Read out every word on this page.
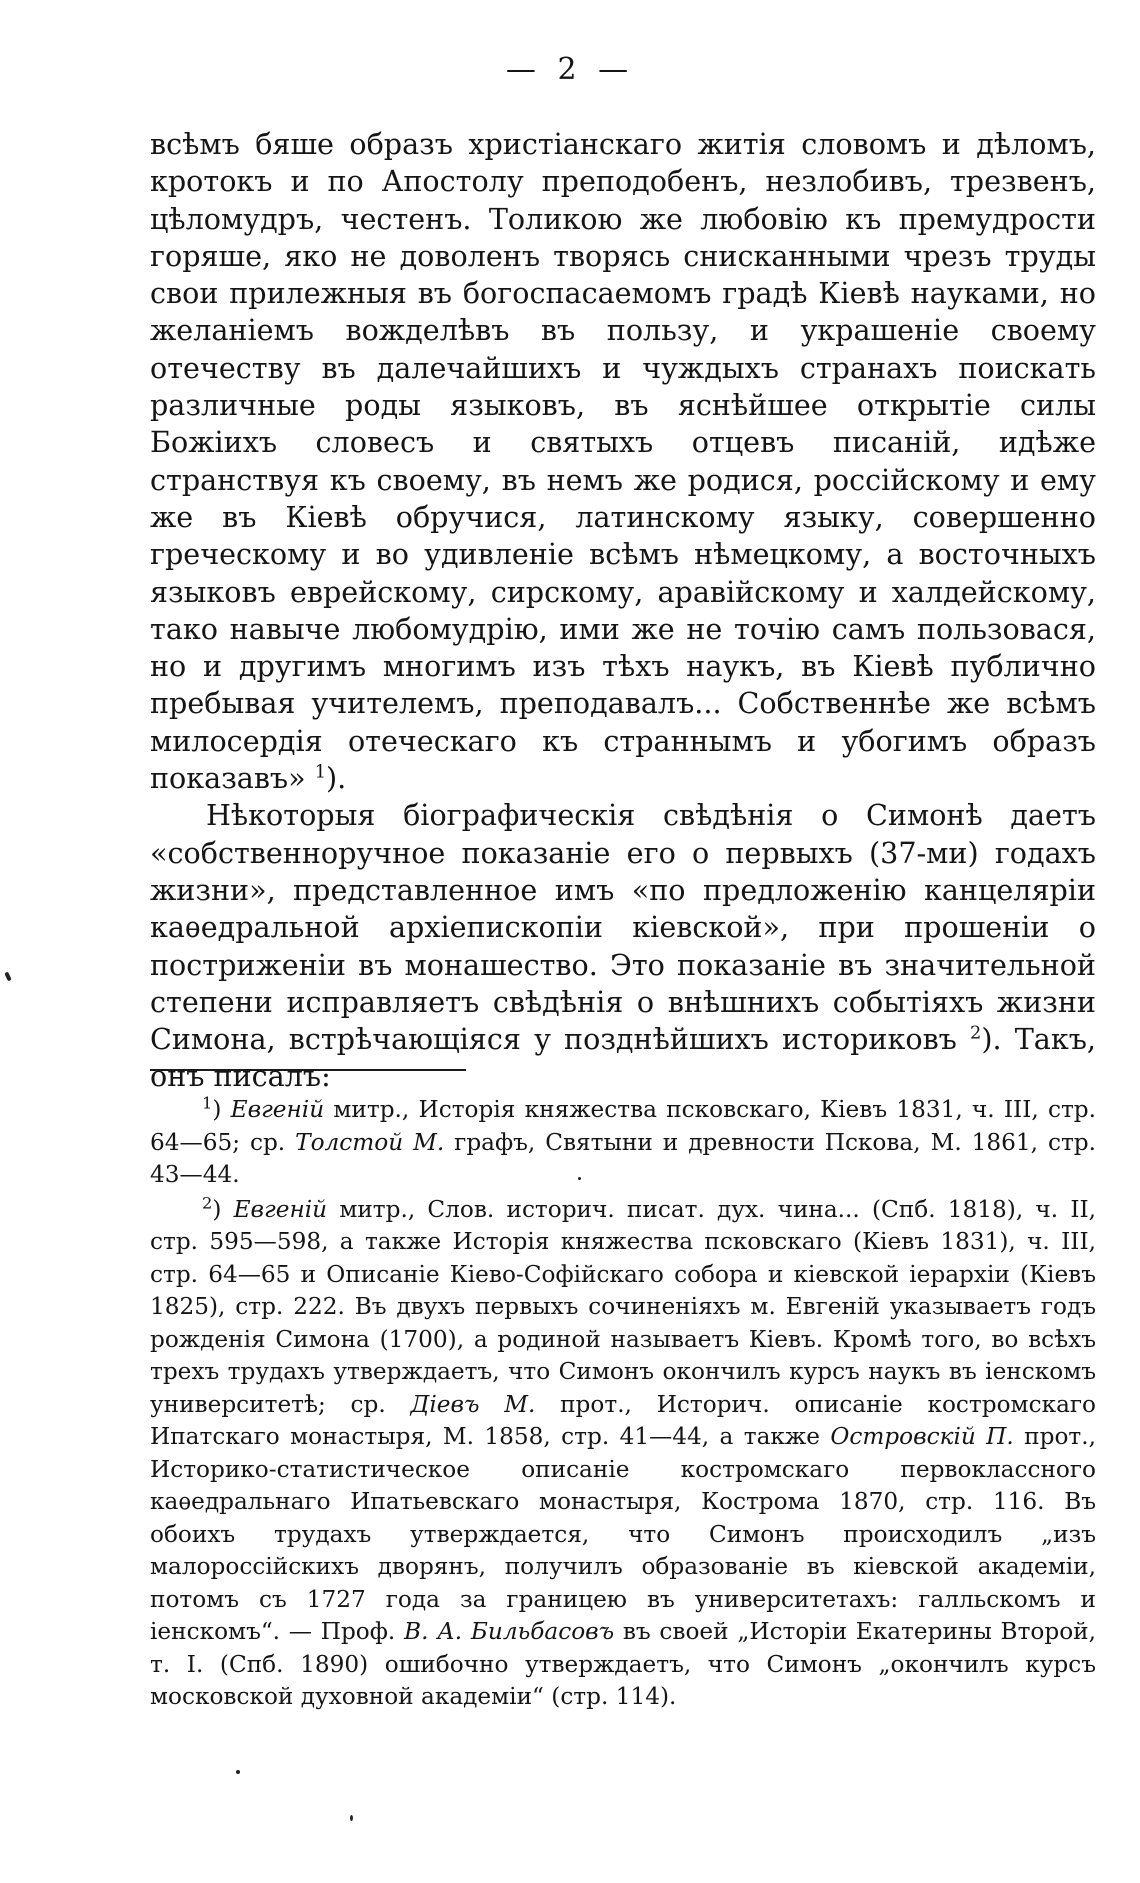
— 2 —

всѣмъ бяше образъ христіанскаго житія словомъ и дѣломъ, кротокъ и по Апостолу преподобенъ, незлобивъ, трезвенъ, цѣломудръ, честенъ. Толикою же любовію къ премудрости горяше, яко не доволенъ творясь снисканными чрезъ труды свои прилежныя въ богоспасаемомъ градѣ Кіевѣ науками, но желаніемъ вожделѣвъ въ пользу, и украшеніе своему отечеству въ далечайшихъ и чуждыхъ странахъ поискать различные роды языковъ, въ яснѣйшее открытіе силы Божіихъ словесъ и святыхъ отцевъ писаній, идѣже странствуя къ своему, въ немъ же родися, россійскому и ему же въ Кіевѣ обручися, латинскому языку, совершенно греческому и во удивленіе всѣмъ нѣмецкому, а восточныхъ языковъ еврейскому, сирскому, аравійскому и халдейскому, тако навыче любомудрію, ими же не точію самъ пользовася, но и другимъ многимъ изъ тѣхъ наукъ, въ Кіевѣ публично пребывая учителемъ, преподавалъ... Собственнѣе же всѣмъ милосердія отеческаго къ страннымъ и убогимъ образъ показавъ» $^1$).

Нѣкоторыя біографическія свѣдѣнія о Симонѣ даетъ «собственноручное показаніе его о первыхъ (37-ми) годахъ жизни», представленное имъ «по предложенію канцеляріи каѳедральной архіепископіи кіевской», при прошеніи о постриженіи въ монашество. Это показаніе въ значительной степени исправляетъ свѣдѣнія о внѣшнихъ событіяхъ жизни Симона, встрѣчающіяся у позднѣйшихъ историковъ $^2$). Такъ, онъ писалъ:

$^1$) Евгеній митр., Исторія княжества псковскаго, Кіевъ 1831, ч. III, стр. 64—65; ср. Толстой М. графъ, Святыни и древности Пскова, М. 1861, стр. 43—44.

$^2$) Евгеній митр., Слов. историч. писат. дух. чина... (Спб. 1818), ч. II, стр. 595—598, а также Исторія княжества псковскаго (Кіевъ 1831), ч. III, стр. 64—65 и Описаніе Кіево-Софійскаго собора и кіевской іерархіи (Кіевъ 1825), стр. 222. Въ двухъ первыхъ сочиненіяхъ м. Евгеній указываетъ годъ рожденія Симона (1700), а родиной называетъ Кіевъ. Кромѣ того, во всѣхъ трехъ трудахъ утверждаетъ, что Симонъ окончилъ курсъ наукъ въ іенскомъ университетѣ; ср. Діевъ М. прот., Историч. описаніе костромскаго Ипатскаго монастыря, М. 1858, стр. 41—44, а также Островскій П. прот., Историко-статистическое описаніе костромскаго первоклассного каѳедральнаго Ипатьевскаго монастыря, Кострома 1870, стр. 116. Въ обоихъ трудахъ утверждается, что Симонъ происходилъ „изъ малороссійскихъ дворянъ, получилъ образованіе въ кіевской академіи, потомъ съ 1727 года за границею въ университетахъ: галльскомъ и іенскомъ“. — Проф. В. А. Бильбасовъ въ своей „Исторіи Екатерины Второй, т. I. (Спб. 1890) ошибочно утверждаетъ, что Симонъ „окончилъ курсъ московской духовной академіи“ (стр. 114).
